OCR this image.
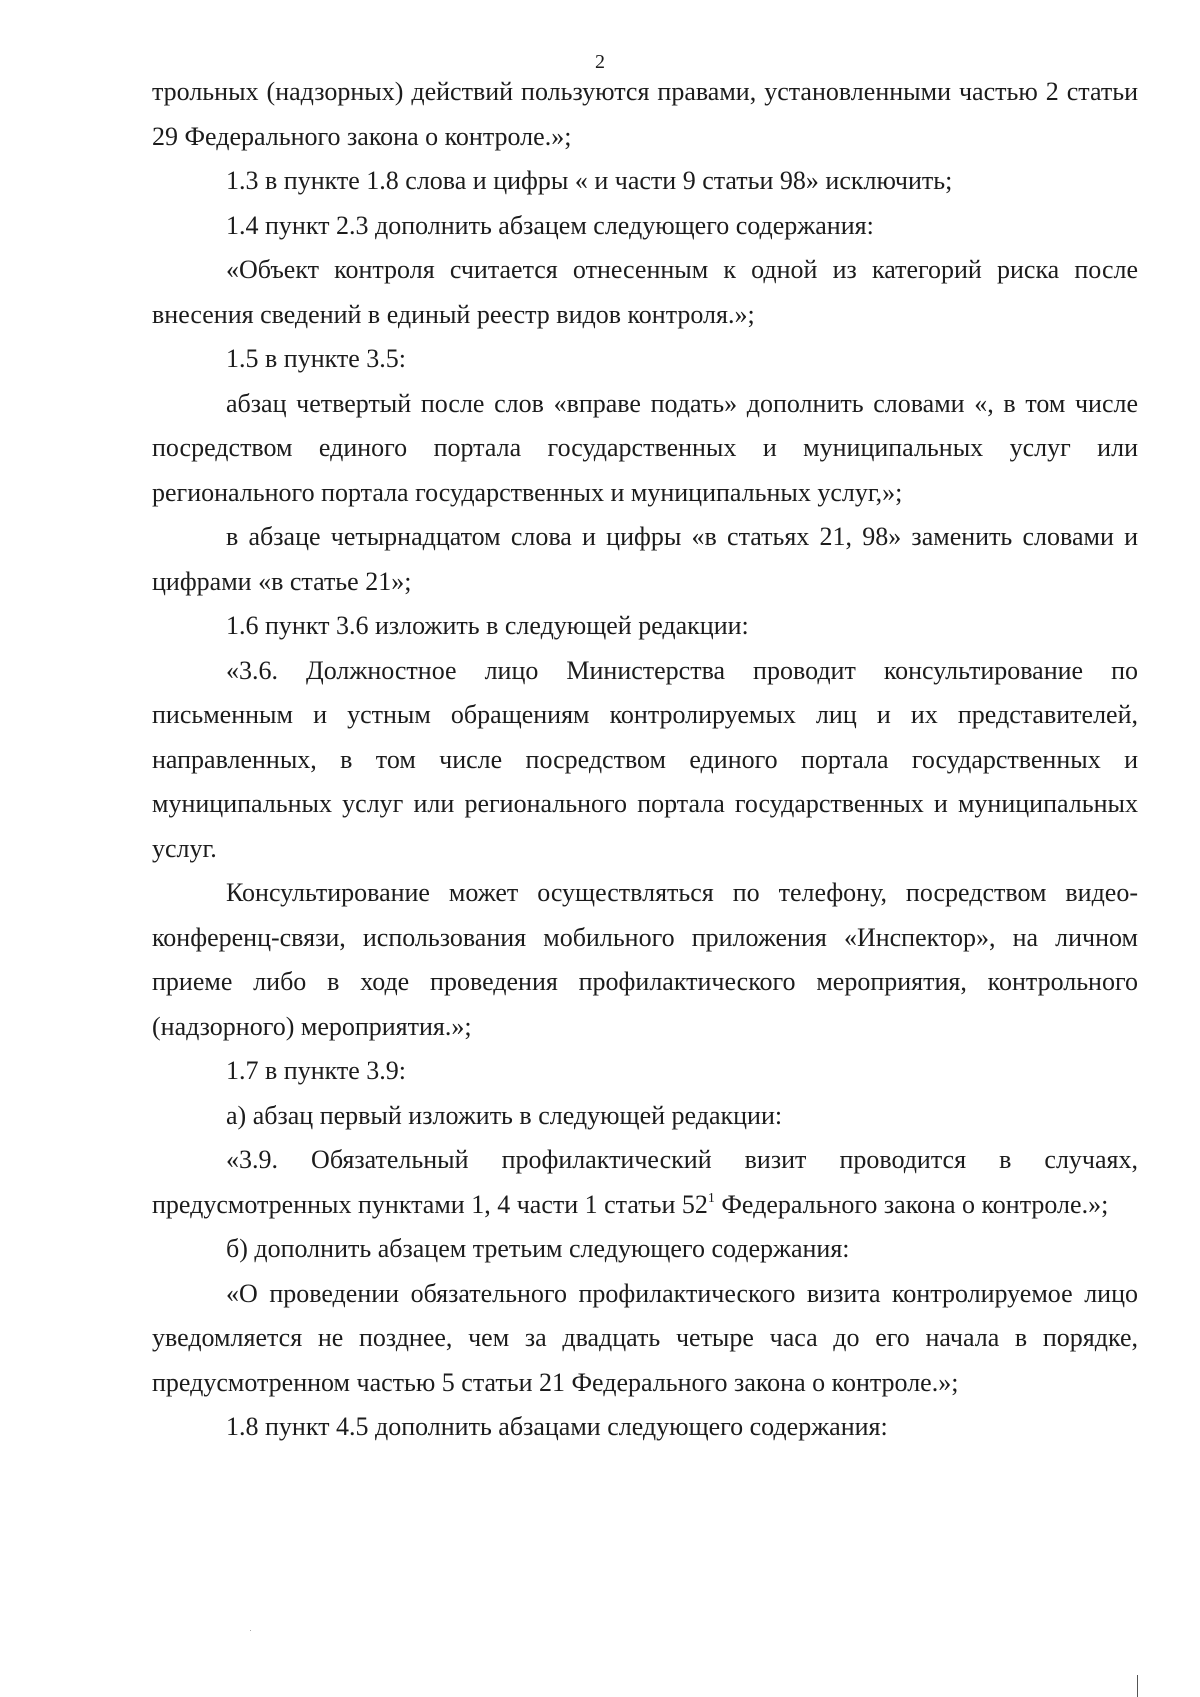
2

трольных (надзорных) действий пользуются правами, установленными частью 2 статьи 29 Федерального закона о контроле.»;

1.3 в пункте 1.8 слова и цифры « и части 9 статьи 98» исключить;

1.4 пункт 2.3 дополнить абзацем следующего содержания:

«Объект контроля считается отнесенным к одной из категорий риска после внесения сведений в единый реестр видов контроля.»;

1.5 в пункте 3.5:

абзац четвертый после слов «вправе подать» дополнить словами «, в том числе посредством единого портала государственных и муниципальных услуг или регионального портала государственных и муниципальных услуг,»;

в абзаце четырнадцатом слова и цифры «в статьях 21, 98» заменить словами и цифрами «в статье 21»;

1.6 пункт 3.6 изложить в следующей редакции:

«3.6. Должностное лицо Министерства проводит консультирование по письменным и устным обращениям контролируемых лиц и их представителей, направленных, в том числе посредством единого портала государственных и муниципальных услуг или регионального портала государственных и муниципальных услуг.

Консультирование может осуществляться по телефону, посредством видео-конференц-связи, использования мобильного приложения «Инспектор», на личном приеме либо в ходе проведения профилактического мероприятия, контрольного (надзорного) мероприятия.»;

1.7 в пункте 3.9:

а) абзац первый изложить в следующей редакции:

«3.9. Обязательный профилактический визит проводится в случаях, предусмотренных пунктами 1, 4 части 1 статьи $52^1$ Федерального закона о контроле.»;

б) дополнить абзацем третьим следующего содержания:

«О проведении обязательного профилактического визита контролируемое лицо уведомляется не позднее, чем за двадцать четыре часа до его начала в порядке, предусмотренном частью 5 статьи 21 Федерального закона о контроле.»;

1.8 пункт 4.5 дополнить абзацами следующего содержания:
